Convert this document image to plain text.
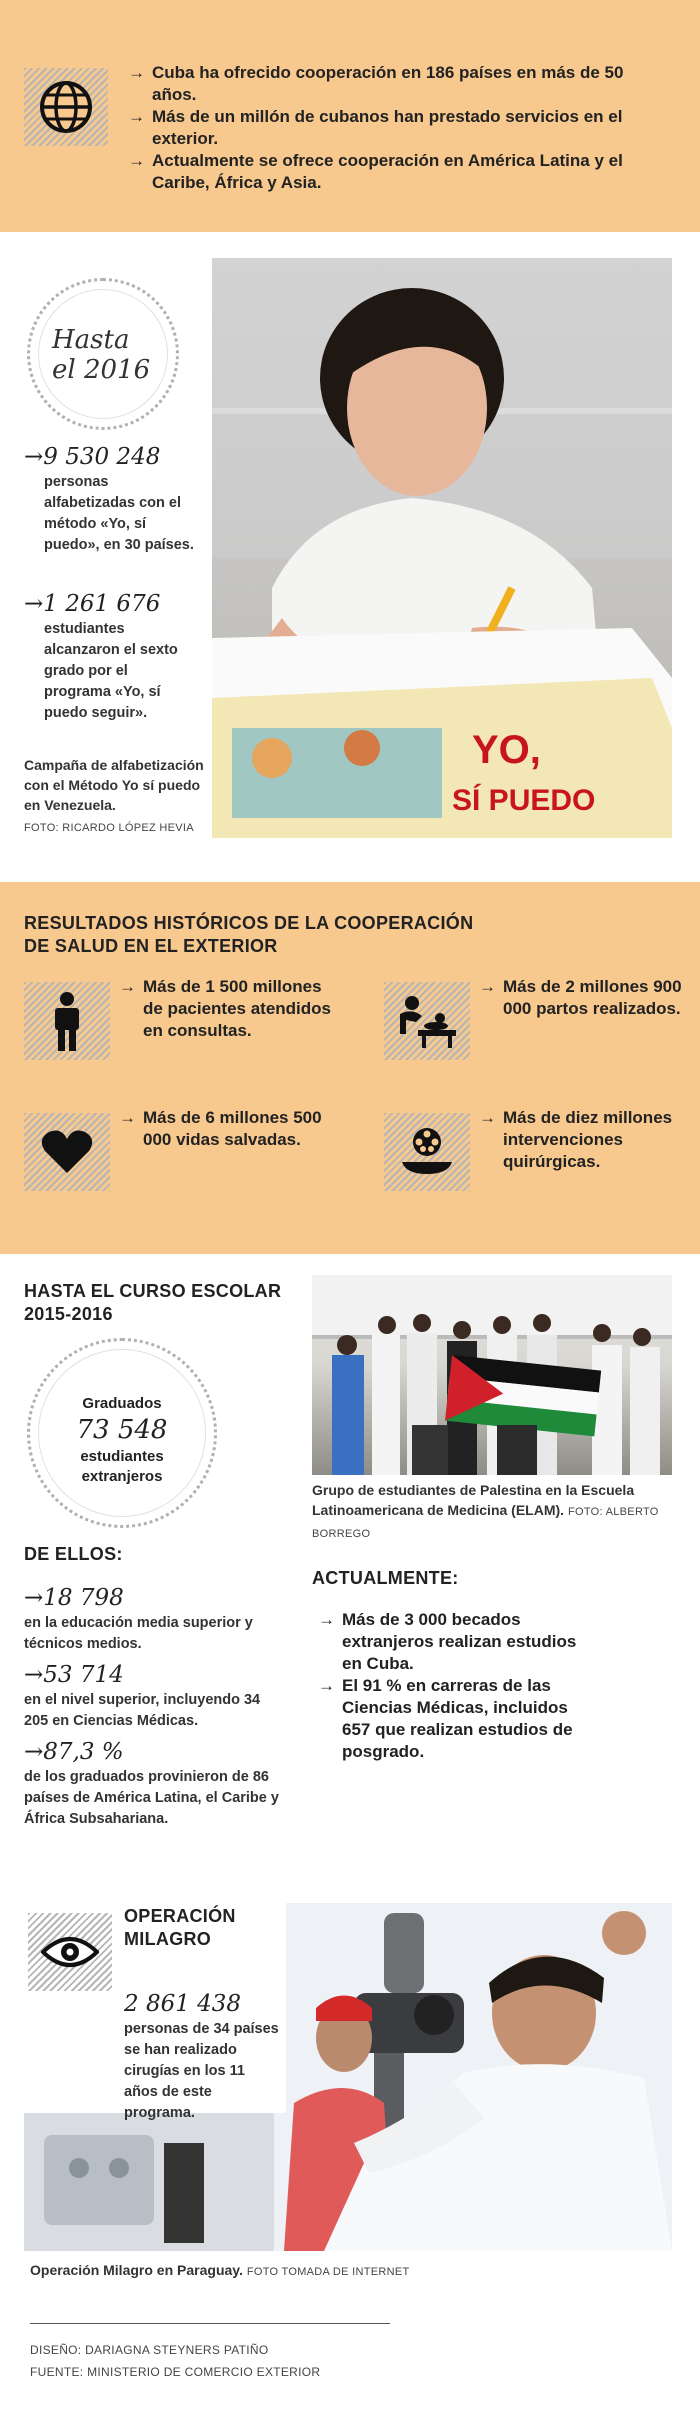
→ Cuba ha ofrecido cooperación en 186 países en más de 50 años.
→ Más de un millón de cubanos han prestado servicios en el exterior.
→ Actualmente se ofrece cooperación en América Latina y el Caribe, África y Asia.
Hasta el 2016
→9 530 248
personas alfabetizadas con el método «Yo, sí puedo», en 30 países.
→1 261 676
estudiantes alcanzaron el sexto grado por el programa «Yo, sí puedo seguir».
Campaña de alfabetización con el Método Yo sí puedo en Venezuela.
FOTO: RICARDO LÓPEZ HEVIA
YO,
SÍ PUEDO
RESULTADOS HISTÓRICOS DE LA COOPERACIÓN DE SALUD EN EL EXTERIOR
→ Más de 1 500 millones de pacientes atendidos en consultas.
→ Más de 2 millones 900 000 partos realizados.
→ Más de 6 millones 500 000 vidas salvadas.
→ Más de diez millones intervenciones quirúrgicas.
HASTA EL CURSO ESCOLAR 2015-2016
Graduados
73 548
estudiantes extranjeros
DE ELLOS:
→18 798
en la educación media superior y técnicos medios.
→53 714
en el nivel superior, incluyendo 34 205 en Ciencias Médicas.
→87,3 %
de los graduados provinieron de 86 países de América Latina, el Caribe y África Subsahariana.
Grupo de estudiantes de Palestina en la Escuela Latinoamericana de Medicina (ELAM). FOTO: ALBERTO BORREGO
ACTUALMENTE:
→ Más de 3 000 becados extranjeros realizan estudios en Cuba.
→ El 91 % en carreras de las Ciencias Médicas, incluidos 657 que realizan estudios de posgrado.
OPERACIÓN MILAGRO
2 861 438
personas de 34 países se han realizado cirugías en los 11 años de este programa.
Operación Milagro en Paraguay. FOTO TOMADA DE INTERNET
DISEÑO: DARIAGNA STEYNERS PATIÑO
FUENTE: MINISTERIO DE COMERCIO EXTERIOR
